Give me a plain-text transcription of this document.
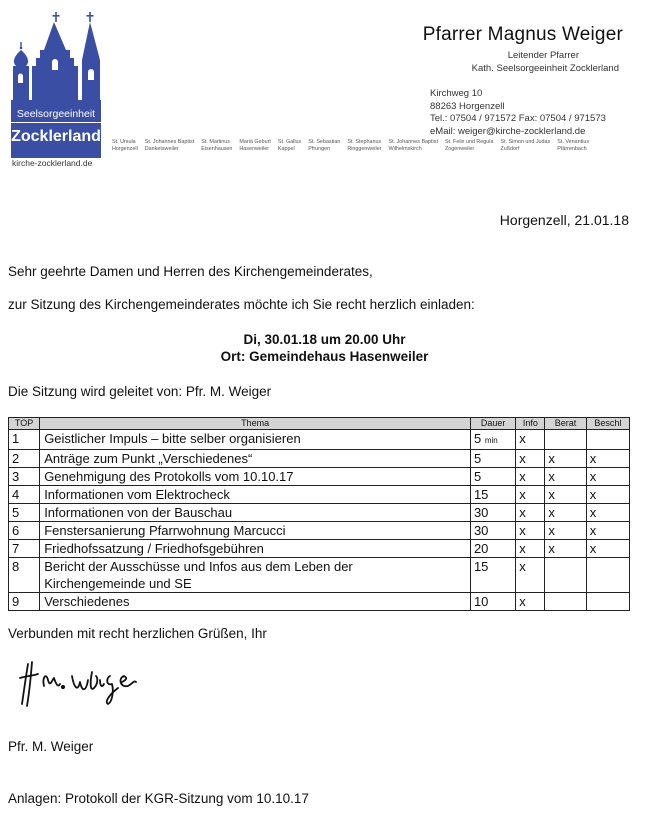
Seelsorgeeinheit
Zocklerland
kirche-zocklerland.de
St. Ursula
Horgenzell
St. Johannes Baptist
Danketsweiler
St. Martinus
Eisenhausen
Mariä Geburt
Hasenweiler
St. Gallus
Kappel
St. Sebastian
Pfrungen
St. Stephanus
Ringgenweiler
St. Johannes Baptist
Wilhelmskirch
St. Felix und Regula
Zogenweiler
St. Simon und Judas
Zußdorf
St. Venantius
Pfärrenbach
Pfarrer Magnus Weiger
Leitender Pfarrer
Kath. Seelsorgeeinheit Zocklerland
Kirchweg 10
88263 Horgenzell
Tel.: 07504 / 971572 Fax: 07504 / 971573
eMail: weiger@kirche-zocklerland.de
Horgenzell, 21.01.18
Sehr geehrte Damen und Herren des Kirchengemeinderates,
zur Sitzung des Kirchengemeinderates möchte ich Sie recht herzlich einladen:
Di, 30.01.18 um 20.00 Uhr
Ort: Gemeindehaus Hasenweiler
Die Sitzung wird geleitet von: Pfr. M. Weiger
TOP	Thema	Dauer	Info	Berat	Beschl
1	Geistlicher Impuls – bitte selber organisieren	5 min	x		
2	Anträge zum Punkt „Verschiedenes“	5	x	x	x
3	Genehmigung des Protokolls vom 10.10.17	5	x	x	x
4	Informationen vom Elektrocheck	15	x	x	x
5	Informationen von der Bauschau	30	x	x	x
6	Fenstersanierung Pfarrwohnung Marcucci	30	x	x	x
7	Friedhofssatzung / Friedhofsgebühren	20	x	x	x
8	Bericht der Ausschüsse und Infos aus dem Leben der
Kirchengemeinde und SE	15	x		
9	Verschiedenes	10	x		
Verbunden mit recht herzlichen Grüßen, Ihr
Pfr. M. Weiger
Anlagen: Protokoll der KGR-Sitzung vom 10.10.17
